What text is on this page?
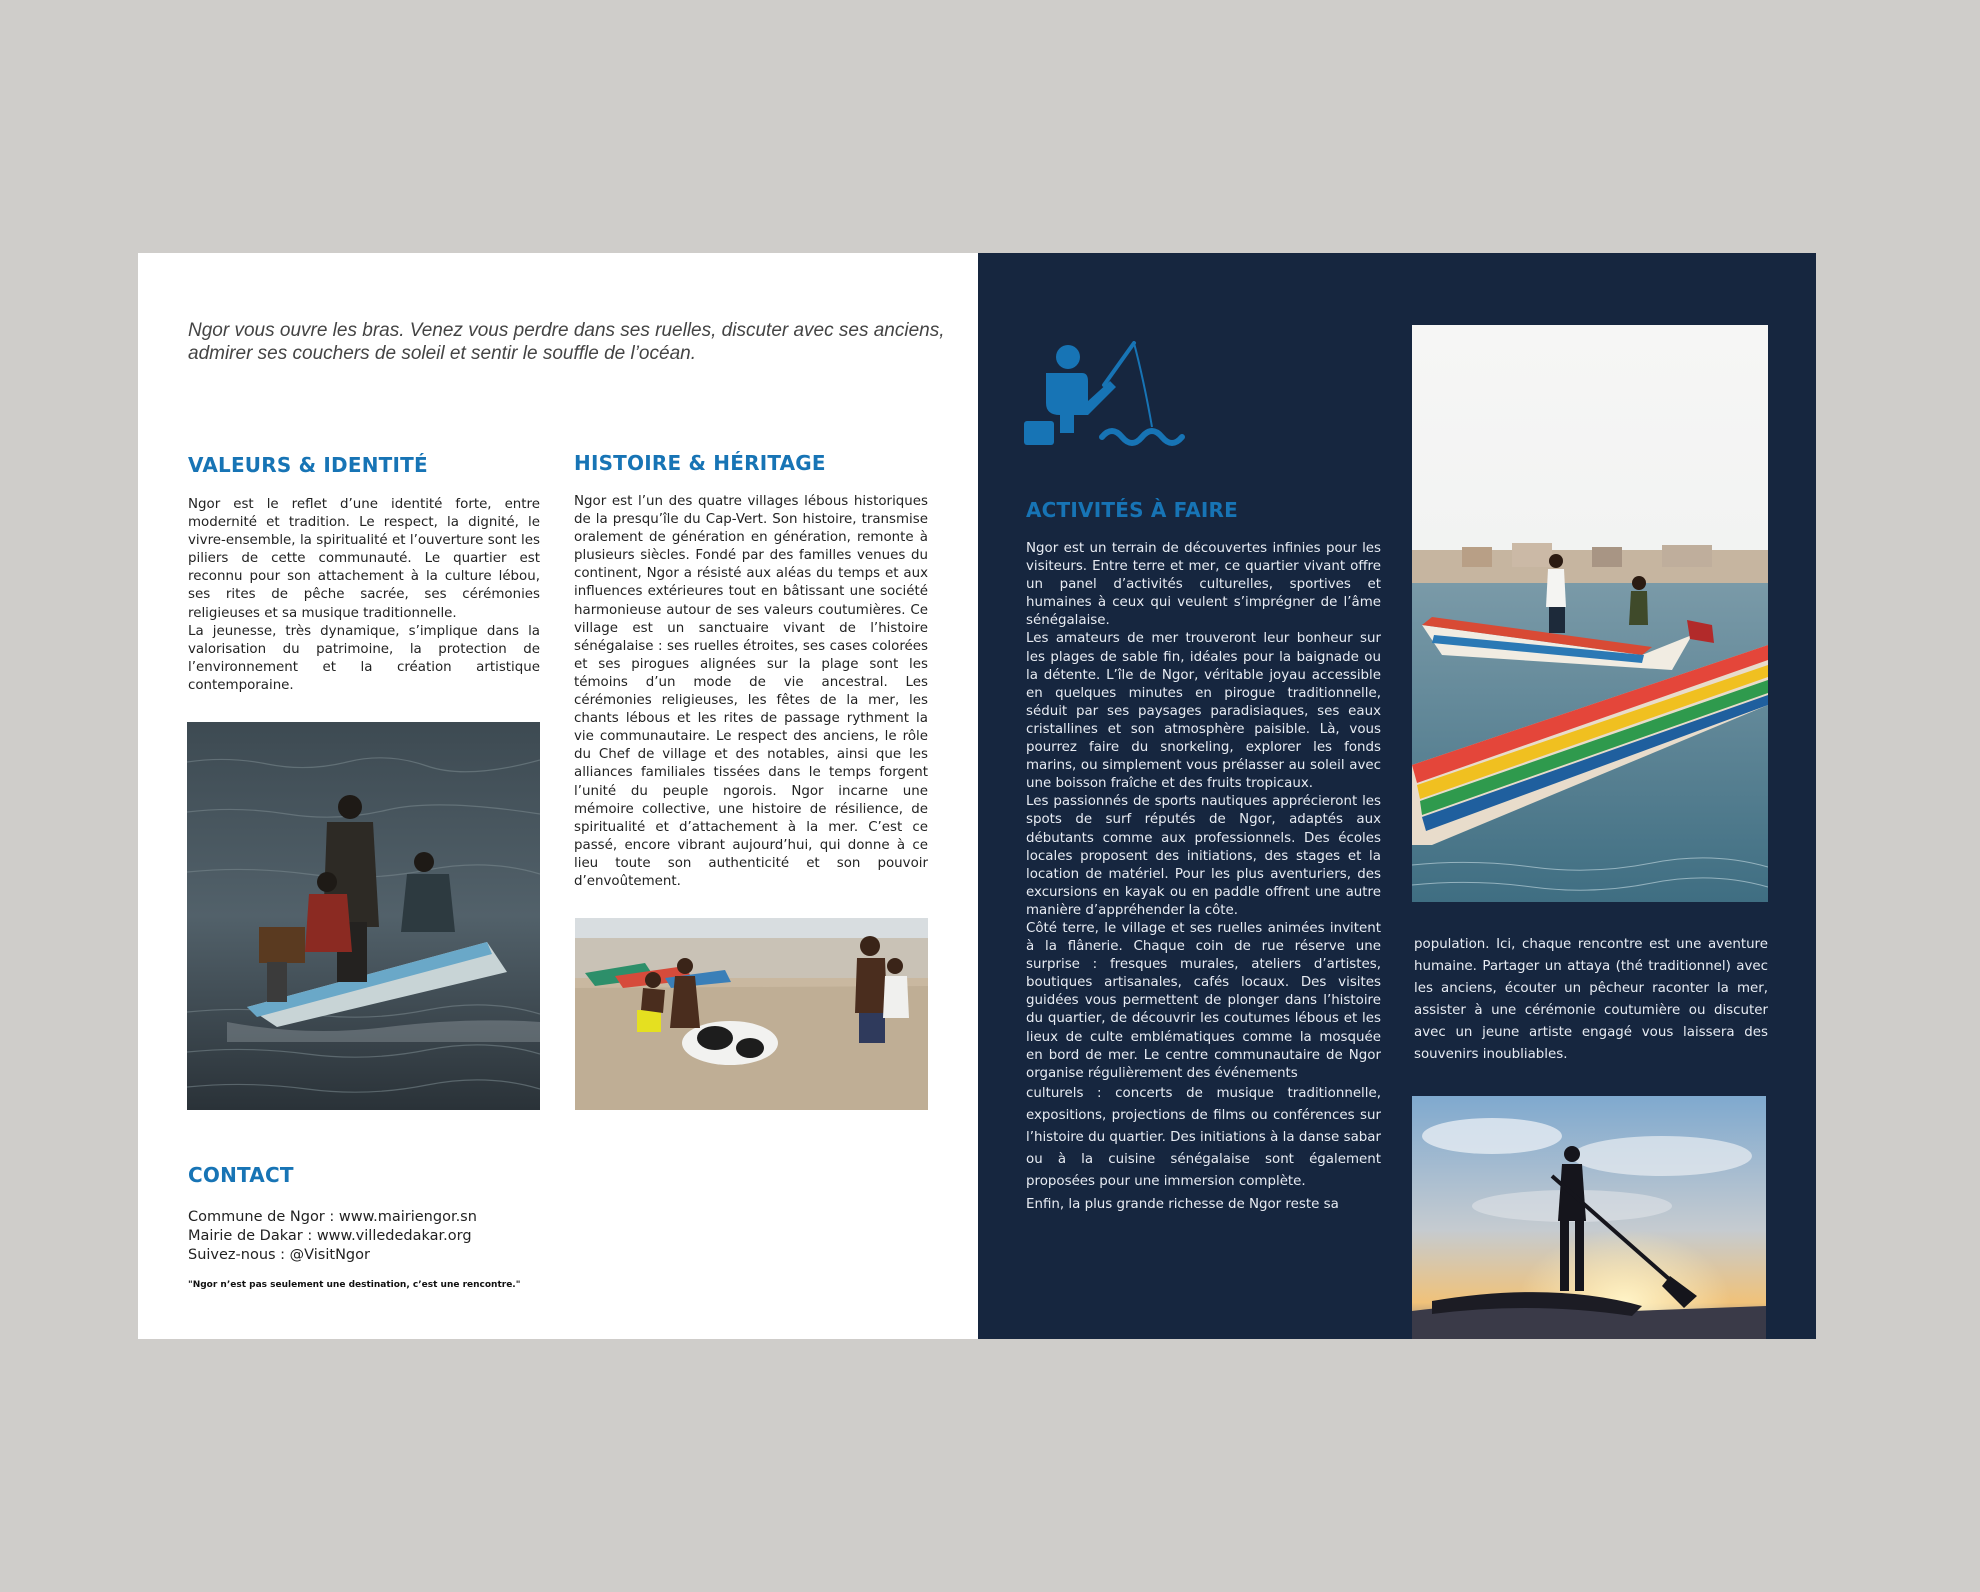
Ngor vous ouvre les bras. Venez vous perdre dans ses ruelles, discuter avec ses anciens, admirer ses couchers de soleil et sentir le souffle de l’océan.

VALEURS & IDENTITÉ

Ngor est le reflet d’une identité forte, entre modernité et tradition. Le respect, la dignité, le vivre-ensemble, la spiritualité et l’ouverture sont les piliers de cette communauté. Le quartier est reconnu pour son attachement à la culture lébou, ses rites de pêche sacrée, ses cérémonies religieuses et sa musique traditionnelle.

La jeunesse, très dynamique, s’implique dans la valorisation du patrimoine, la protection de l’environnement et la création artistique contemporaine.

HISTOIRE & HÉRITAGE

Ngor est l’un des quatre villages lébous historiques de la presqu’île du Cap-Vert. Son histoire, transmise oralement de génération en génération, remonte à plusieurs siècles. Fondé par des familles venues du continent, Ngor a résisté aux aléas du temps et aux influences extérieures tout en bâtissant une société harmonieuse autour de ses valeurs coutumières. Ce village est un sanctuaire vivant de l’histoire sénégalaise : ses ruelles étroites, ses cases colorées et ses pirogues alignées sur la plage sont les témoins d’un mode de vie ancestral. Les cérémonies religieuses, les fêtes de la mer, les chants lébous et les rites de passage rythment la vie communautaire. Le respect des anciens, le rôle du Chef de village et des notables, ainsi que les alliances familiales tissées dans le temps forgent l’unité du peuple ngorois. Ngor incarne une mémoire collective, une histoire de résilience, de spiritualité et d’attachement à la mer. C’est ce passé, encore vibrant aujourd’hui, qui donne à ce lieu toute son authenticité et son pouvoir d’envoûtement.

CONTACT
Commune de Ngor : www.mairiengor.sn
Mairie de Dakar : www.villededakar.org
Suivez-nous : @VisitNgor
"Ngor n’est pas seulement une destination, c’est une rencontre."
ACTIVITÉS À FAIRE

Ngor est un terrain de découvertes infinies pour les visiteurs. Entre terre et mer, ce quartier vivant offre un panel d’activités culturelles, sportives et humaines à ceux qui veulent s’imprégner de l’âme sénégalaise.

Les amateurs de mer trouveront leur bonheur sur les plages de sable fin, idéales pour la baignade ou la détente. L’île de Ngor, véritable joyau accessible en quelques minutes en pirogue traditionnelle, séduit par ses paysages paradisiaques, ses eaux cristallines et son atmosphère paisible. Là, vous pourrez faire du snorkeling, explorer les fonds marins, ou simplement vous prélasser au soleil avec une boisson fraîche et des fruits tropicaux.

Les passionnés de sports nautiques apprécieront les spots de surf réputés de Ngor, adaptés aux débutants comme aux professionnels. Des écoles locales proposent des initiations, des stages et la location de matériel. Pour les plus aventuriers, des excursions en kayak ou en paddle offrent une autre manière d’appréhender la côte.

Côté terre, le village et ses ruelles animées invitent à la flânerie. Chaque coin de rue réserve une surprise : fresques murales, ateliers d’artistes, boutiques artisanales, cafés locaux. Des visites guidées vous permettent de plonger dans l’histoire du quartier, de découvrir les coutumes lébous et les lieux de culte emblématiques comme la mosquée en bord de mer. Le centre communautaire de Ngor organise régulièrement des événements

culturels : concerts de musique traditionnelle, expositions, projections de films ou conférences sur l’histoire du quartier. Des initiations à la danse sabar ou à la cuisine sénégalaise sont également proposées pour une immersion complète.

Enfin, la plus grande richesse de Ngor reste sa

population. Ici, chaque rencontre est une aventure humaine. Partager un attaya (thé traditionnel) avec les anciens, écouter un pêcheur raconter la mer, assister à une cérémonie coutumière ou discuter avec un jeune artiste engagé vous laissera des souvenirs inoubliables.
